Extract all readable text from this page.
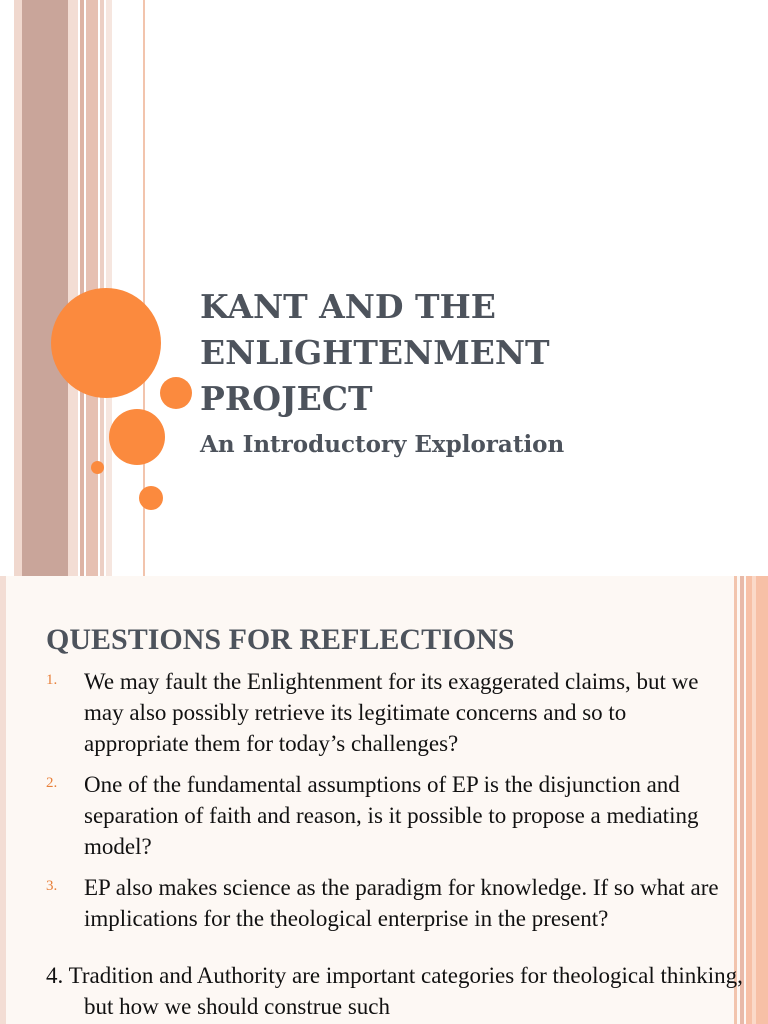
KANT AND THE
ENLIGHTENMENT
PROJECT

An Introductory Exploration

QUESTIONS FOR REFLECTIONS
1. We may fault the Enlightenment for its exaggerated claims, but we may also possibly retrieve its legitimate concerns and so to appropriate them for today’s challenges?
2. One of the fundamental assumptions of EP is the disjunction and separation of faith and reason, is it possible to propose a mediating model?
3. EP also makes science as the paradigm for knowledge. If so what are implications for the theological enterprise in the present?
4. Tradition and Authority are important categories for theological thinking, but how we should construe such
